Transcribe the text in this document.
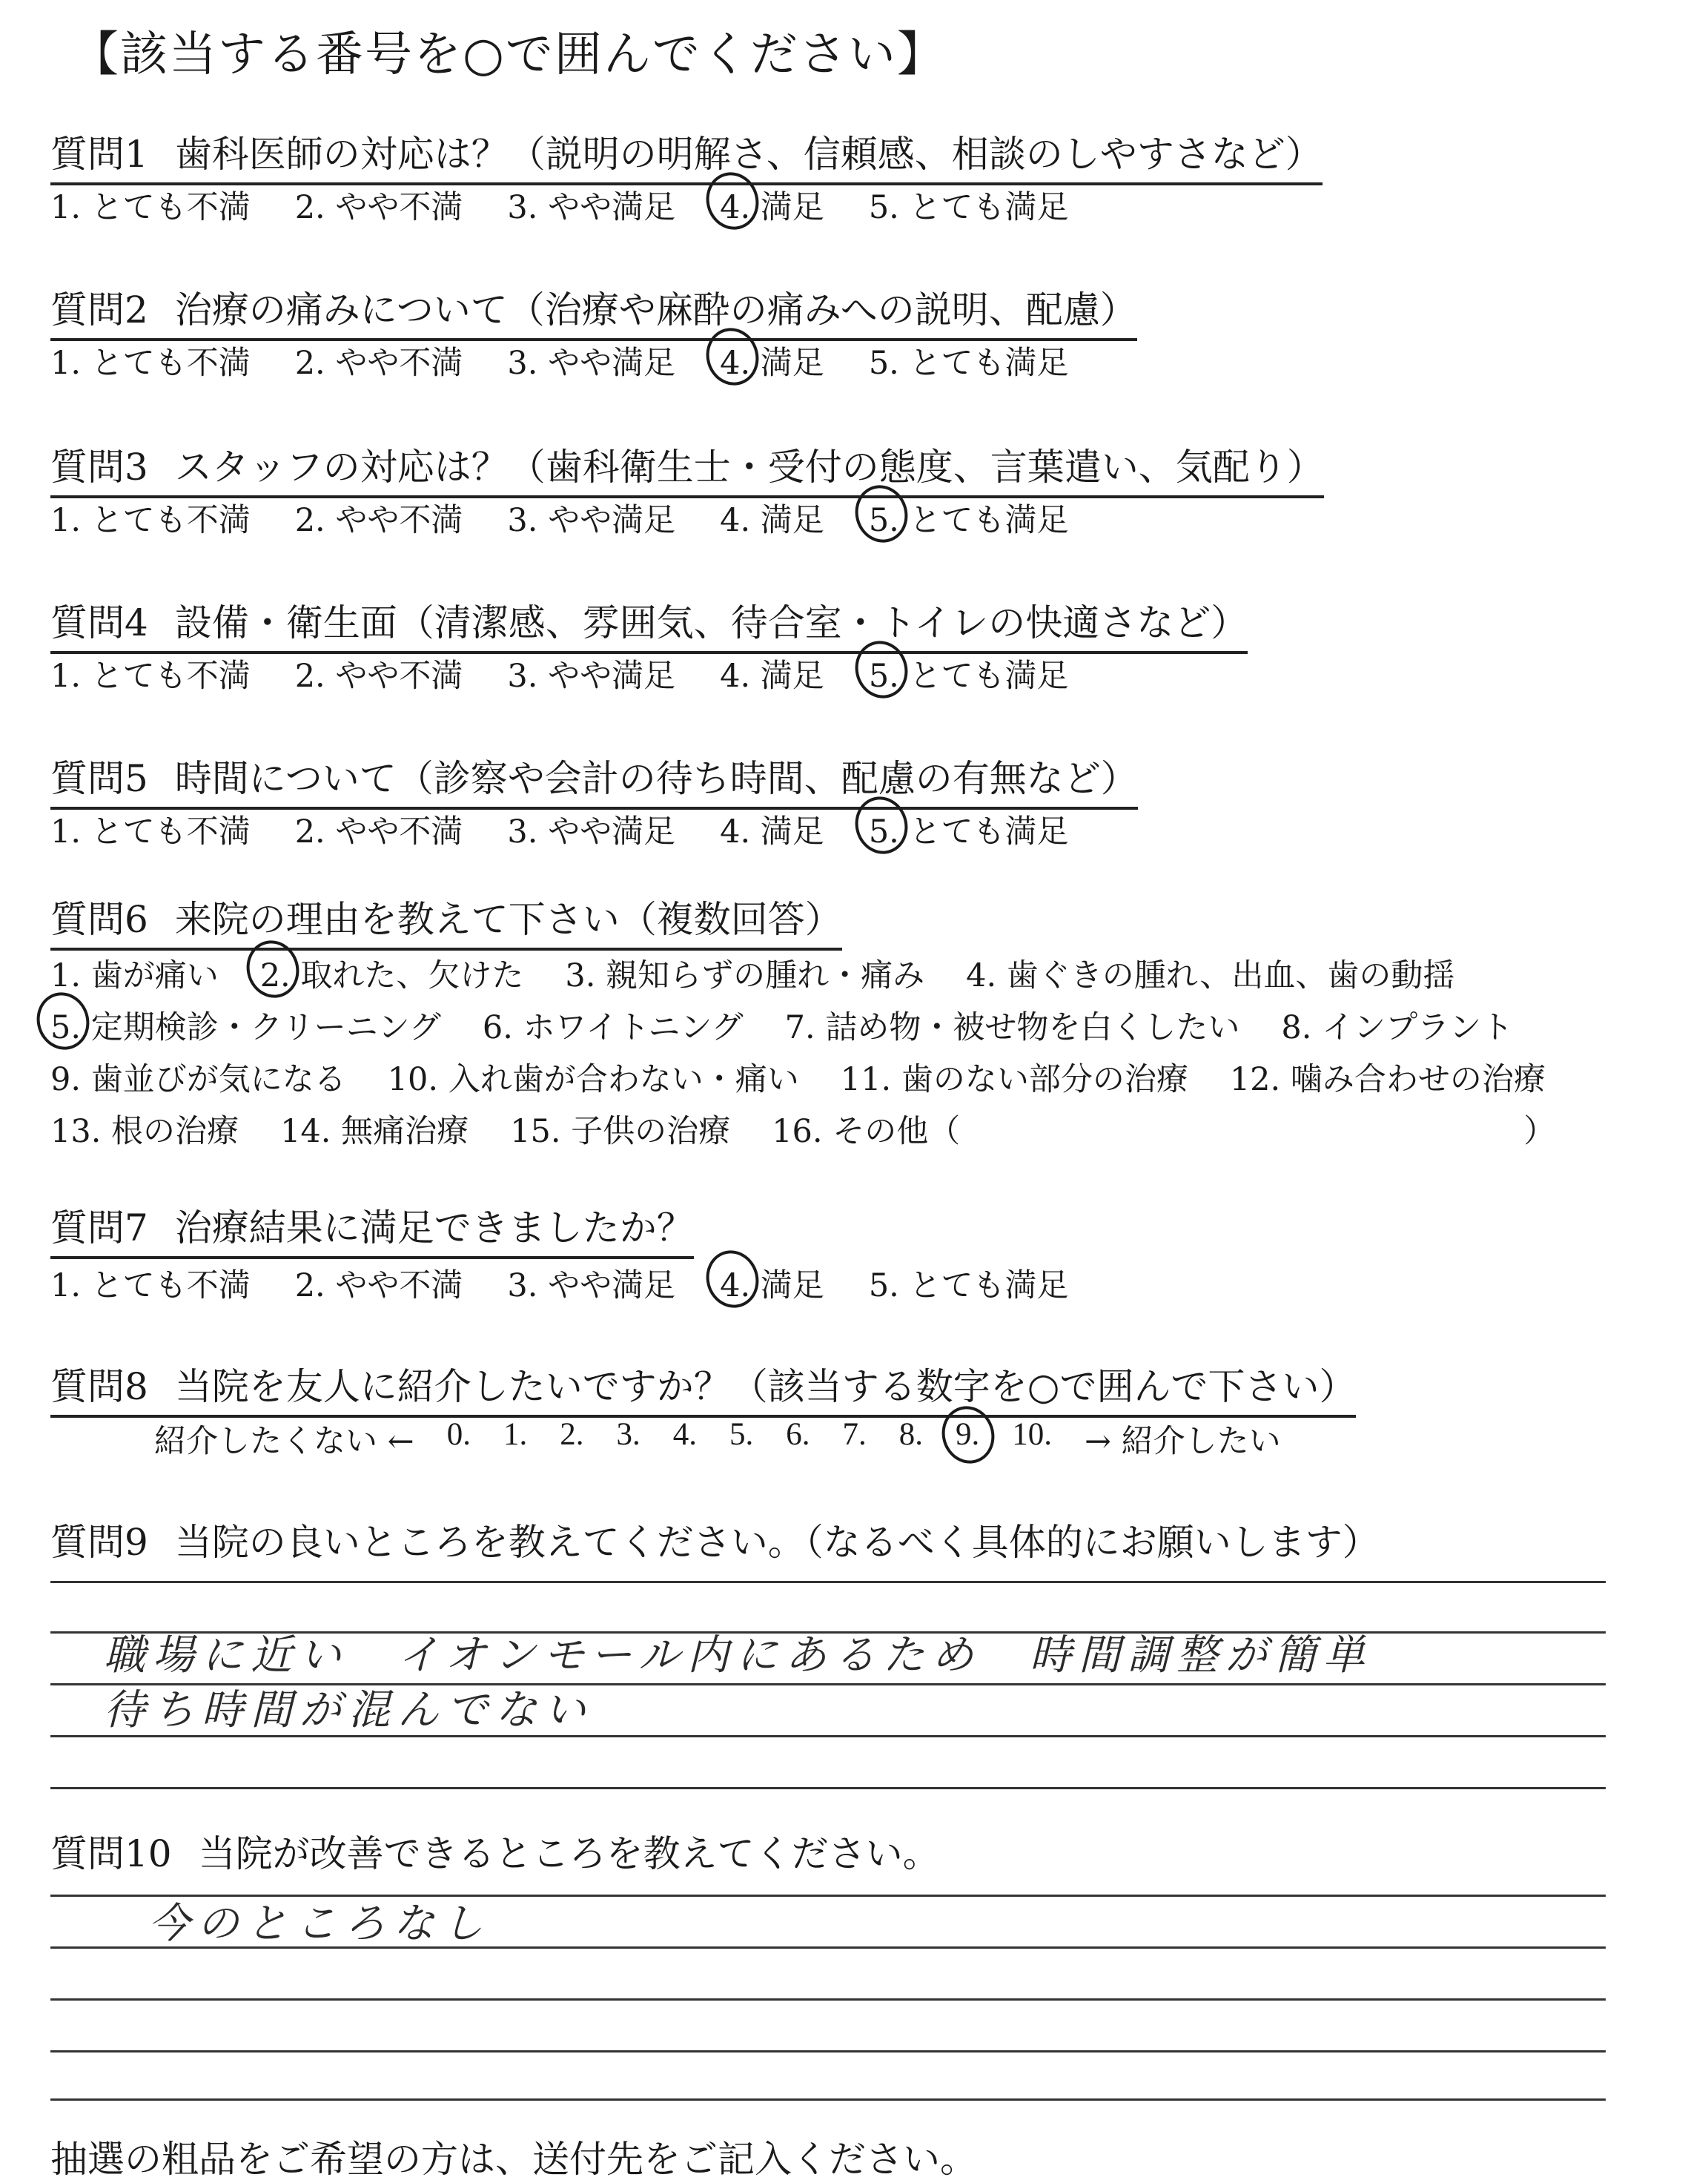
【該当する番号を○で囲んでください】
質問1 歯科医師の対応は？（説明の明解さ、信頼感、相談のしやすさなど）
1. とても不満 2. やや不満 3. やや満足 4. 満足 5. とても満足
質問2 治療の痛みについて（治療や麻酔の痛みへの説明、配慮）
1. とても不満 2. やや不満 3. やや満足 4. 満足 5. とても満足
質問3 スタッフの対応は？（歯科衛生士・受付の態度、言葉遣い、気配り）
1. とても不満 2. やや不満 3. やや満足 4. 満足 5. とても満足
質問4 設備・衛生面（清潔感、雰囲気、待合室・トイレの快適さなど）
1. とても不満 2. やや不満 3. やや満足 4. 満足 5. とても満足
質問5 時間について（診察や会計の待ち時間、配慮の有無など）
1. とても不満 2. やや不満 3. やや満足 4. 満足 5. とても満足
質問6 来院の理由を教えて下さい（複数回答）
1. 歯が痛い 2. 取れた、欠けた 3. 親知らずの腫れ・痛み 4. 歯ぐきの腫れ、出血、歯の動揺
5. 定期検診・クリーニング 6. ホワイトニング 7. 詰め物・被せ物を白くしたい 8. インプラント
9. 歯並びが気になる 10. 入れ歯が合わない・痛い 11. 歯のない部分の治療 12. 噛み合わせの治療
13. 根の治療 14. 無痛治療 15. 子供の治療 16. その他（	）
質問7 治療結果に満足できましたか？
1. とても不満 2. やや不満 3. やや満足 4. 満足 5. とても満足
質問8 当院を友人に紹介したいですか？（該当する数字を○で囲んで下さい）
紹介したくない ← 0. 1. 2. 3. 4. 5. 6. 7. 8. 9. 10. → 紹介したい
質問9 当院の良いところを教えてください。（なるべく具体的にお願いします）
職場に近い　イオンモール内にあるため　時間調整が簡単
待ち時間が混んでない
質問10 当院が改善できるところを教えてください。
今のところなし
抽選の粗品をご希望の方は、送付先をご記入ください。
